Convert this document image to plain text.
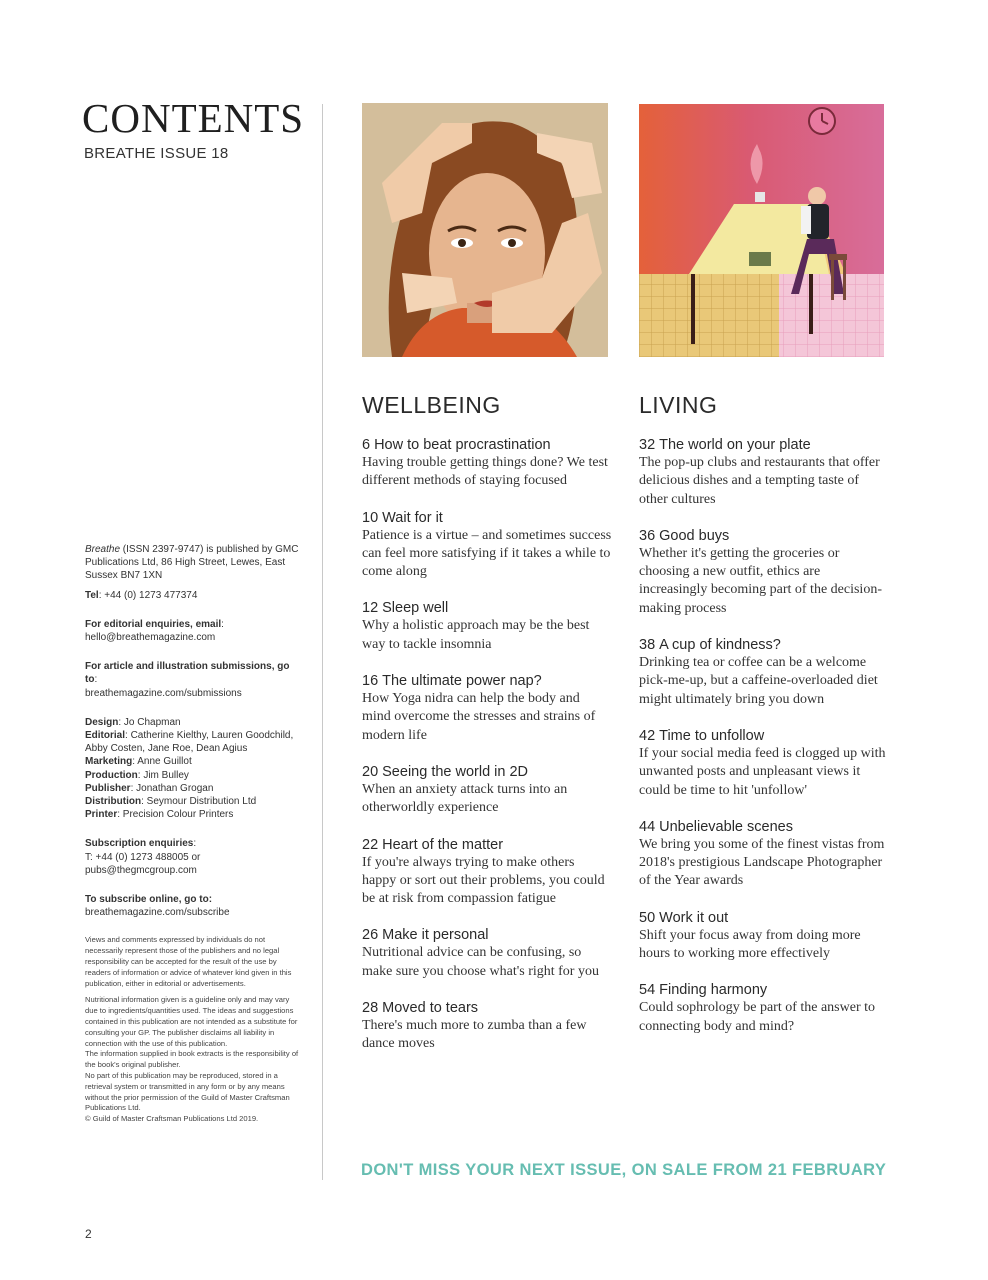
CONTENTS
BREATHE ISSUE 18
Breathe (ISSN 2397-9747) is published by GMC Publications Ltd, 86 High Street, Lewes, East Sussex BN7 1XN
Tel: +44 (0) 1273 477374
For editorial enquiries, email:
hello@breathemagazine.com
For article and illustration submissions, go to:
breathemagazine.com/submissions
Design: Jo Chapman
Editorial: Catherine Kielthy, Lauren Goodchild, Abby Costen, Jane Roe, Dean Agius
Marketing: Anne Guillot
Production: Jim Bulley
Publisher: Jonathan Grogan
Distribution: Seymour Distribution Ltd
Printer: Precision Colour Printers
Subscription enquiries:
T: +44 (0) 1273 488005 or pubs@thegmcgroup.com
To subscribe online, go to:
breathemagazine.com/subscribe
Views and comments expressed by individuals do not necessarily represent those of the publishers and no legal responsibility can be accepted for the result of the use by readers of information or advice of whatever kind given in this publication, either in editorial or advertisements.
Nutritional information given is a guideline only and may vary due to ingredients/quantities used. The ideas and suggestions contained in this publication are not intended as a substitute for consulting your GP. The publisher disclaims all liability in connection with the use of this publication.
The information supplied in book extracts is the responsibility of the book's original publisher.
No part of this publication may be reproduced, stored in a retrieval system or transmitted in any form or by any means without the prior permission of the Guild of Master Craftsman Publications Ltd.
© Guild of Master Craftsman Publications Ltd 2019.
WELLBEING	LIVING
6 How to beat procrastination
Having trouble getting things done? We test different methods of staying focused
10 Wait for it
Patience is a virtue – and sometimes success can feel more satisfying if it takes a while to come along
12 Sleep well
Why a holistic approach may be the best way to tackle insomnia
16 The ultimate power nap?
How Yoga nidra can help the body and mind overcome the stresses and strains of modern life
20 Seeing the world in 2D
When an anxiety attack turns into an otherworldly experience
22 Heart of the matter
If you're always trying to make others happy or sort out their problems, you could be at risk from compassion fatigue
26 Make it personal
Nutritional advice can be confusing, so make sure you choose what's right for you
28 Moved to tears
There's much more to zumba than a few dance moves
32 The world on your plate
The pop-up clubs and restaurants that offer delicious dishes and a tempting taste of other cultures
36 Good buys
Whether it's getting the groceries or choosing a new outfit, ethics are increasingly becoming part of the decision-making process
38 A cup of kindness?
Drinking tea or coffee can be a welcome pick-me-up, but a caffeine-overloaded diet might ultimately bring you down
42 Time to unfollow
If your social media feed is clogged up with unwanted posts and unpleasant views it could be time to hit 'unfollow'
44 Unbelievable scenes
We bring you some of the finest vistas from 2018's prestigious Landscape Photographer of the Year awards
50 Work it out
Shift your focus away from doing more hours to working more effectively
54 Finding harmony
Could sophrology be part of the answer to connecting body and mind?
DON'T MISS YOUR NEXT ISSUE, ON SALE FROM 21 FEBRUARY
2
